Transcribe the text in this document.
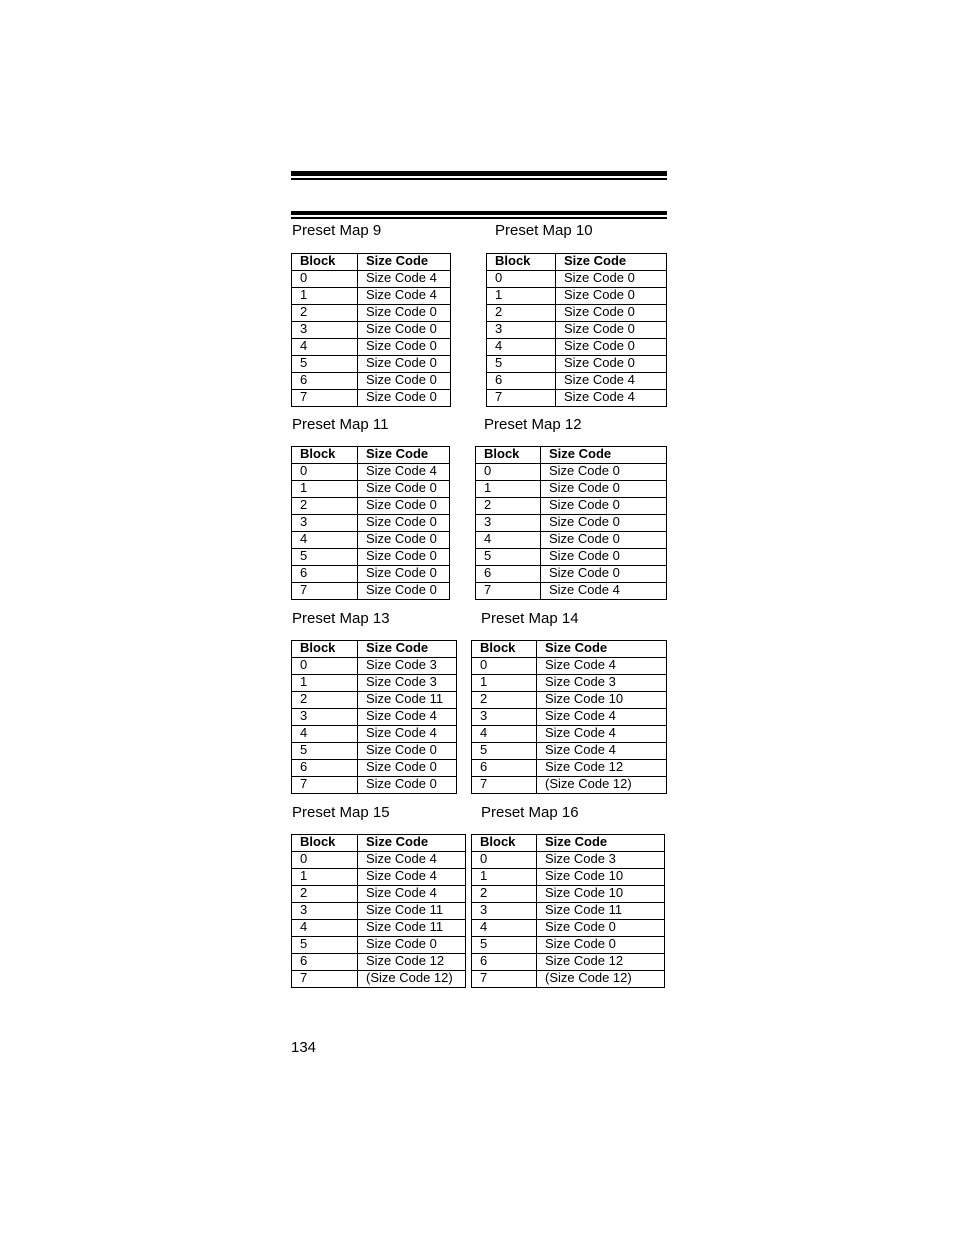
Preset Map 9
Block	Size Code
0	Size Code 4
1	Size Code 4
2	Size Code 0
3	Size Code 0
4	Size Code 0
5	Size Code 0
6	Size Code 0
7	Size Code 0
Preset Map 10
Block	Size Code
0	Size Code 0
1	Size Code 0
2	Size Code 0
3	Size Code 0
4	Size Code 0
5	Size Code 0
6	Size Code 4
7	Size Code 4
Preset Map 11
Block	Size Code
0	Size Code 4
1	Size Code 0
2	Size Code 0
3	Size Code 0
4	Size Code 0
5	Size Code 0
6	Size Code 0
7	Size Code 0
Preset Map 12
Block	Size Code
0	Size Code 0
1	Size Code 0
2	Size Code 0
3	Size Code 0
4	Size Code 0
5	Size Code 0
6	Size Code 0
7	Size Code 4
Preset Map 13
Block	Size Code
0	Size Code 3
1	Size Code 3
2	Size Code 11
3	Size Code 4
4	Size Code 4
5	Size Code 0
6	Size Code 0
7	Size Code 0
Preset Map 14
Block	Size Code
0	Size Code 4
1	Size Code 3
2	Size Code 10
3	Size Code 4
4	Size Code 4
5	Size Code 4
6	Size Code 12
7	(Size Code 12)
Preset Map 15
Block	Size Code
0	Size Code 4
1	Size Code 4
2	Size Code 4
3	Size Code 11
4	Size Code 11
5	Size Code 0
6	Size Code 12
7	(Size Code 12)
Preset Map 16
Block	Size Code
0	Size Code 3
1	Size Code 10
2	Size Code 10
3	Size Code 11
4	Size Code 0
5	Size Code 0
6	Size Code 12
7	(Size Code 12)
134
